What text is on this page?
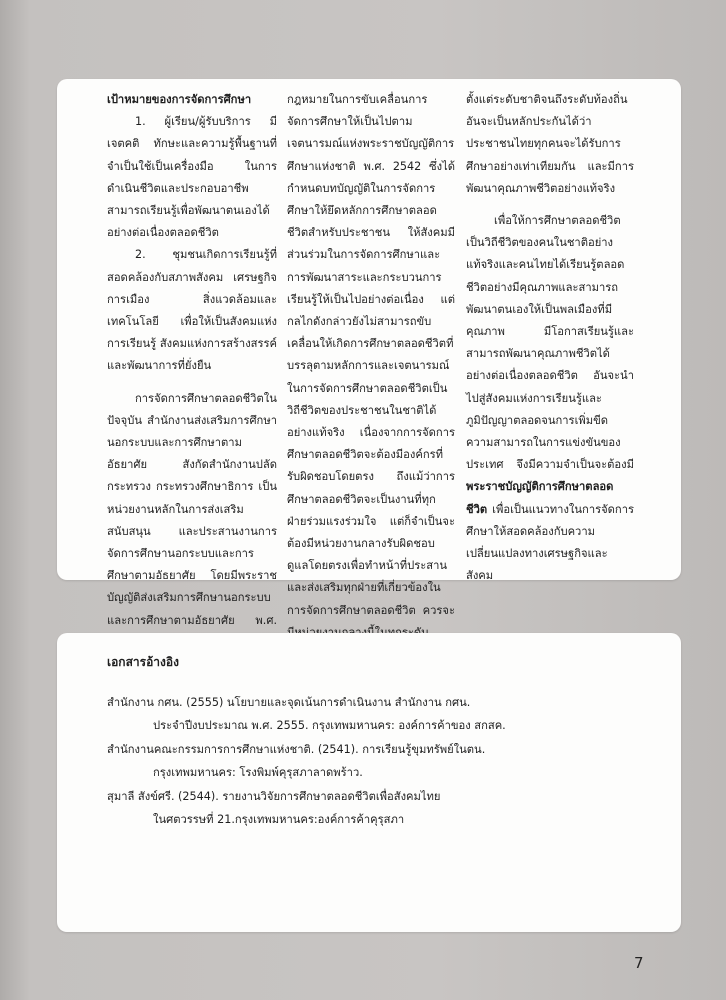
เป้าหมายของการจัดการศึกษา

1. ผู้เรียน/ผู้รับบริการ มีเจตคติ ทักษะและความรู้พื้นฐานที่จำเป็นใช้เป็นเครื่องมือ ในการดำเนินชีวิตและประกอบอาชีพ สามารถเรียนรู้เพื่อพัฒนาตนเองได้อย่างต่อเนื่องตลอดชีวิต

2. ชุมชนเกิดการเรียนรู้ที่สอดคล้องกับสภาพสังคม เศรษฐกิจ การเมือง สิ่งแวดล้อมและเทคโนโลยี เพื่อให้เป็นสังคมแห่งการเรียนรู้ สังคมแห่งการสร้างสรรค์และพัฒนาการที่ยั่งยืน

การจัดการศึกษาตลอดชีวิตใน ปัจจุบัน สำนักงานส่งเสริมการศึกษานอกระบบและการศึกษาตามอัธยาศัย สังกัดสำนักงานปลัดกระทรวง กระทรวงศึกษาธิการ เป็นหน่วยงานหลักในการส่งเสริม สนับสนุน และประสานงานการจัดการศึกษานอกระบบและการศึกษาตามอัธยาศัย โดยมีพระราชบัญญัติส่งเสริมการศึกษานอกระบบและการศึกษาตามอัธยาศัย พ.ศ.

กฎหมายในการขับเคลื่อนการจัดการศึกษาให้เป็นไปตามเจตนารมณ์แห่งพระราชบัญญัติการศึกษาแห่งชาติ พ.ศ. 2542 ซึ่งได้กำหนดบทบัญญัติในการจัดการศึกษาให้ยึดหลักการศึกษาตลอดชีวิตสำหรับประชาชน ให้สังคมมีส่วนร่วมในการจัดการศึกษาและการพัฒนาสาระและกระบวนการเรียนรู้ให้เป็นไปอย่างต่อเนื่อง แต่กลไกดังกล่าวยังไม่สามารถขับเคลื่อนให้เกิดการศึกษาตลอดชีวิตที่บรรลุตามหลักการและเจตนารมณ์ในการจัดการศึกษาตลอดชีวิตเป็นวิถีชีวิตของประชาชนในชาติได้อย่างแท้จริง เนื่องจากการจัดการศึกษาตลอดชีวิตจะต้องมีองค์กรที่รับผิดชอบโดยตรง ถึงแม้ว่าการศึกษาตลอดชีวิตจะเป็นงานที่ทุกฝ่ายร่วมแรงร่วมใจ แต่ก็จำเป็นจะต้องมีหน่วยงานกลางรับผิดชอบดูแลโดยตรงเพื่อทำหน้าที่ประสานและส่งเสริมทุกฝ่ายที่เกี่ยวข้องในการจัดการศึกษาตลอดชีวิต ควรจะ

ตั้งแต่ระดับชาติจนถึงระดับท้องถิ่น อันจะเป็นหลักประกันได้ว่าประชาชนไทยทุกคนจะได้รับการศึกษาอย่างเท่าเทียมกัน และมีการพัฒนาคุณภาพชีวิตอย่างแท้จริง

เพื่อให้การศึกษาตลอดชีวิตเป็นวิถีชีวิตของคนในชาติอย่างแท้จริงและคนไทยได้เรียนรู้ตลอดชีวิตอย่างมีคุณภาพและสามารถพัฒนาตนเองให้เป็นพลเมืองที่มีคุณภาพ มีโอกาสเรียนรู้และสามารถพัฒนาคุณภาพชีวิตได้อย่างต่อเนื่องตลอดชีวิต อันจะนำไปสู่สังคมแห่งการเรียนรู้และภูมิปัญญาตลอดจนการเพิ่มขีดความสามารถในการแข่งขันของประเทศ จึงมีความจำเป็นจะต้องมีพระราชบัญญัติการศึกษาตลอดชีวิต เพื่อเป็นแนวทางในการจัดการศึกษาให้สอดคล้องกับความเปลี่ยนแปลงทางเศรษฐกิจและสังคม

เอกสารอ้างอิง

สำนักงาน กศน. (2555) นโยบายและจุดเน้นการดำเนินงาน สำนักงาน กศน.
ประจำปีงบประมาณ พ.ศ. 2555. กรุงเทพมหานคร: องค์การค้าของ สกสค.

สำนักงานคณะกรรมการการศึกษาแห่งชาติ. (2541). การเรียนรู้ขุมทรัพย์ในตน.
กรุงเทพมหานคร: โรงพิมพ์คุรุสภาลาดพร้าว.

สุมาลี สังข์ศรี. (2544). รายงานวิจัยการศึกษาตลอดชีวิตเพื่อสังคมไทย
ในศตวรรษที่ 21.กรุงเทพมหานคร:องค์การค้าคุรุสภา

7
